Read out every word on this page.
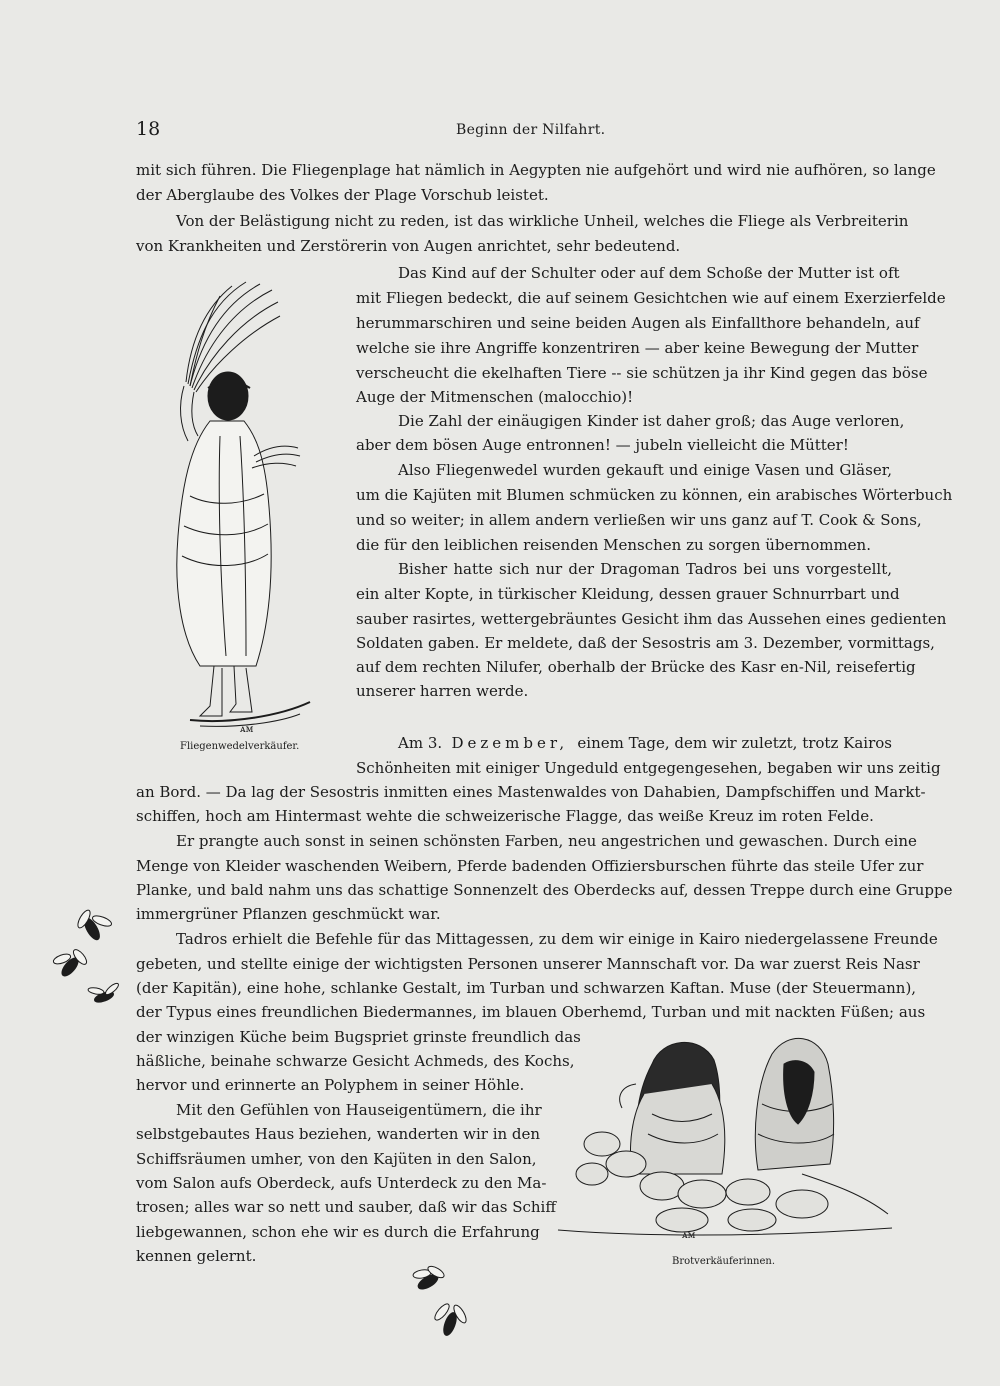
18	Beginn der Nilfahrt.
mit sich führen. Die Fliegenplage hat nämlich in Aegypten nie aufgehört und wird nie aufhören, so lange
der Aberglaube des Volkes der Plage Vorschub leistet.
Von der Belästigung nicht zu reden, ist das wirkliche Unheil, welches die Fliege als Verbreiterin
von Krankheiten und Zerstörerin von Augen anrichtet, sehr bedeutend.
Das Kind auf der Schulter oder auf dem Schoße der Mutter ist oft
mit Fliegen bedeckt, die auf seinem Gesichtchen wie auf einem Exerzierfelde
herummarschiren und seine beiden Augen als Einfallthore behandeln, auf
welche sie ihre Angriffe konzentriren — aber keine Bewegung der Mutter
verscheucht die ekelhaften Tiere -- sie schützen ja ihr Kind gegen das böse
Auge der Mitmenschen (malocchio)!
Die Zahl der einäugigen Kinder ist daher groß; das Auge verloren,
aber dem bösen Auge entronnen! — jubeln vielleicht die Mütter!
Also Fliegenwedel wurden gekauft und einige Vasen und Gläser,
um die Kajüten mit Blumen schmücken zu können, ein arabisches Wörterbuch
und so weiter; in allem andern verließen wir uns ganz auf T. Cook & Sons,
die für den leiblichen reisenden Menschen zu sorgen übernommen.
Bisher hatte sich nur der Dragoman Tadros bei uns vorgestellt,
ein alter Kopte, in türkischer Kleidung, dessen grauer Schnurrbart und
sauber rasirtes, wettergebräuntes Gesicht ihm das Aussehen eines gedienten
Soldaten gaben. Er meldete, daß der Sesostris am 3. Dezember, vormittags,
auf dem rechten Nilufer, oberhalb der Brücke des Kasr en-Nil, reisefertig
unserer harren werde.
Fliegenwedelverkäufer.	Am 3. Dezember, einem Tage, dem wir zuletzt, trotz Kairos
Schönheiten mit einiger Ungeduld entgegengesehen, begaben wir uns zeitig
an Bord. — Da lag der Sesostris inmitten eines Mastenwaldes von Dahabien, Dampfschiffen und Markt-
schiffen, hoch am Hintermast wehte die schweizerische Flagge, das weiße Kreuz im roten Felde.
Er prangte auch sonst in seinen schönsten Farben, neu angestrichen und gewaschen. Durch eine
Menge von Kleider waschenden Weibern, Pferde badenden Offiziersburschen führte das steile Ufer zur
Planke, und bald nahm uns das schattige Sonnenzelt des Oberdecks auf, dessen Treppe durch eine Gruppe
immergrüner Pflanzen geschmückt war.
Tadros erhielt die Befehle für das Mittagessen, zu dem wir einige in Kairo niedergelassene Freunde
gebeten, und stellte einige der wichtigsten Personen unserer Mannschaft vor. Da war zuerst Reis Nasr
(der Kapitän), eine hohe, schlanke Gestalt, im Turban und schwarzen Kaftan. Muse (der Steuermann),
der Typus eines freundlichen Biedermannes, im blauen Oberhemd, Turban und mit nackten Füßen; aus
der winzigen Küche beim Bugspriet grinste freundlich das
häßliche, beinahe schwarze Gesicht Achmeds, des Kochs,
hervor und erinnerte an Polyphem in seiner Höhle.
Mit den Gefühlen von Hauseigentümern, die ihr
selbstgebautes Haus beziehen, wanderten wir in den
Schiffsräumen umher, von den Kajüten in den Salon,
vom Salon aufs Oberdeck, aufs Unterdeck zu den Ma-
trosen; alles war so nett und sauber, daß wir das Schiff
liebgewannen, schon ehe wir es durch die Erfahrung
kennen gelernt.	Brotverkäuferinnen.
ᴀᴍ
ᴀᴍ
